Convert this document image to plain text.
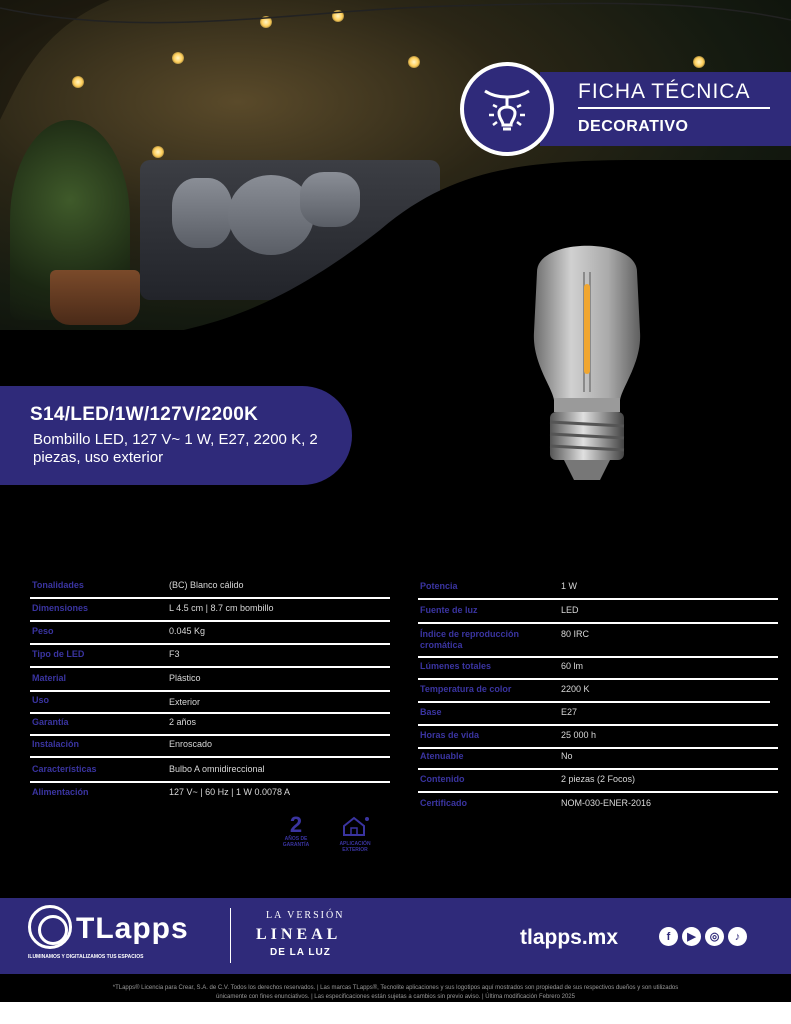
FICHA TÉCNICA
DECORATIVO
S14/LED/1W/127V/2200K
Bombillo LED, 127 V~ 1 W, E27, 2200 K, 2 piezas, uso exterior
Tonalidades	(BC) Blanco cálido
Dimensiones	L 4.5 cm | 8.7 cm bombillo
Peso	0.045 Kg
Tipo de LED	F3
Material	Plástico
Uso	Exterior
Garantía	2 años
Instalación	Enroscado
Características	Bulbo A omnidireccional
Alimentación	127 V~ | 60 Hz | 1 W 0.0078 A
Potencia	1 W
Fuente de luz	LED
Índice de reproducción cromática
80 IRC
Lúmenes totales	60 lm
Temperatura de color	2200 K
Base	E27
Horas de vida	25 000 h
Atenuable	No
Contenido	2 piezas (2 Focos)
Certificado	NOM-030-ENER-2016
2
AÑOS DE GARANTÍA	APLICACIÓN EXTERIOR
TLapps
ILUMINAMOS Y DIGITALIZAMOS TUS ESPACIOS
LA VERSIÓN
LINEAL
DE LA LUZ
tlapps.mx	f	▶	◎	♪
*TLapps® Licencia para Crear, S.A. de C.V. Todos los derechos reservados. | Las marcas TLapps®, Tecnolite aplicaciones y sus logotipos aquí mostrados son propiedad de sus respectivos dueños y son utilizados
únicamente con fines enunciativos. | Las especificaciones están sujetas a cambios sin previo aviso. | Última modificación Febrero 2025
